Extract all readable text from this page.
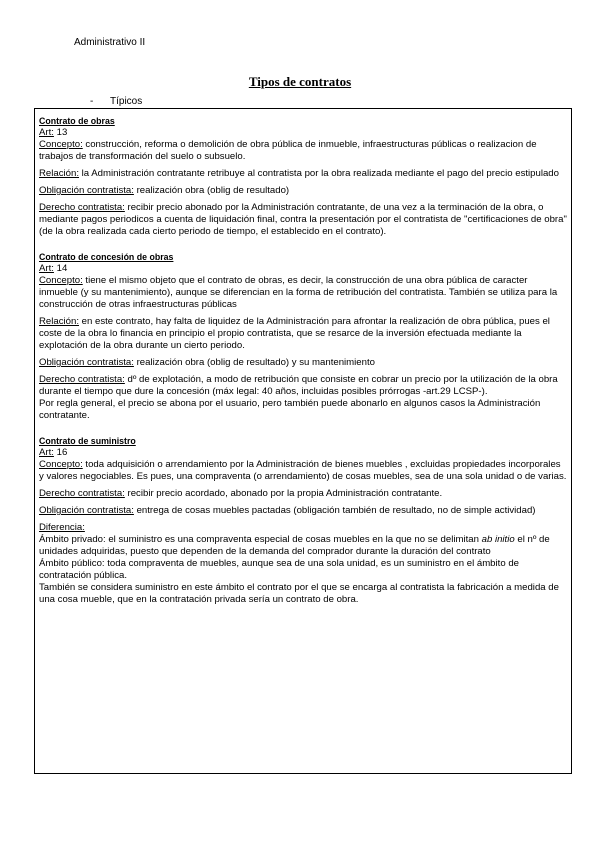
Administrativo II
Tipos de contratos
- Típicos

Contrato de obras

Art: 13

Concepto: construcción, reforma o demolición de obra pública de inmueble, infraestructuras públicas o realizacion de trabajos de transformación del suelo o subsuelo.

Relación: la Administración contratante retribuye al contratista por la obra realizada mediante el pago del precio estipulado

Obligación contratista: realización obra (oblig de resultado)

Derecho contratista: recibir precio abonado por la Administración contratante, de una vez a la terminación de la obra, o mediante pagos periodicos a cuenta de liquidación final, contra la presentación por el contratista de "certificaciones de obra" (de la obra realizada cada cierto periodo de tiempo, el establecido en el contrato).

Contrato de concesión de obras

Art: 14

Concepto: tiene el mismo objeto que el contrato de obras, es decir, la construcción de una obra pública de caracter inmueble (y su mantenimiento), aunque se diferencian en la forma de retribución del contratista. También se utiliza para la construcción de otras infraestructuras públicas

Relación: en este contrato, hay falta de liquidez de la Administración para afrontar la realización de obra pública, pues el coste de la obra lo financia en principio el propio contratista, que se resarce de la inversión efectuada mediante la explotación de la obra durante un cierto periodo.

Obligación contratista: realización obra (oblig de resultado) y su mantenimiento

Derecho contratista: dº de explotación, a modo de retribución que consiste en cobrar un precio por la utilización de la obra durante el tiempo que dure la concesión (máx legal: 40 años, incluidas posibles prórrogas -art.29 LCSP-).

Por regla general, el precio se abona por el usuario, pero también puede abonarlo en algunos casos la Administración contratante.

Contrato de suministro

Art: 16

Concepto: toda adquisición o arrendamiento por la Administración de bienes muebles , excluidas propiedades incorporales y valores negociables. Es pues, una compraventa (o arrendamiento) de cosas muebles, sea de una sola unidad o de varias.

Derecho contratista: recibir precio acordado, abonado por la propia Administración contratante.

Obligación contratista: entrega de cosas muebles pactadas (obligación también de resultado, no de simple actividad)

Diferencia:

Ámbito privado: el suministro es una compraventa especial de cosas muebles en la que no se delimitan ab initio el nº de unidades adquiridas, puesto que dependen de la demanda del comprador durante la duración del contrato

Ámbito público: toda compraventa de muebles, aunque sea de una sola unidad, es un suministro en el ámbito de contratación pública.

También se considera suministro en este ámbito el contrato por el que se encarga al contratista la fabricación a medida de una cosa mueble, que en la contratación privada sería un contrato de obra.
